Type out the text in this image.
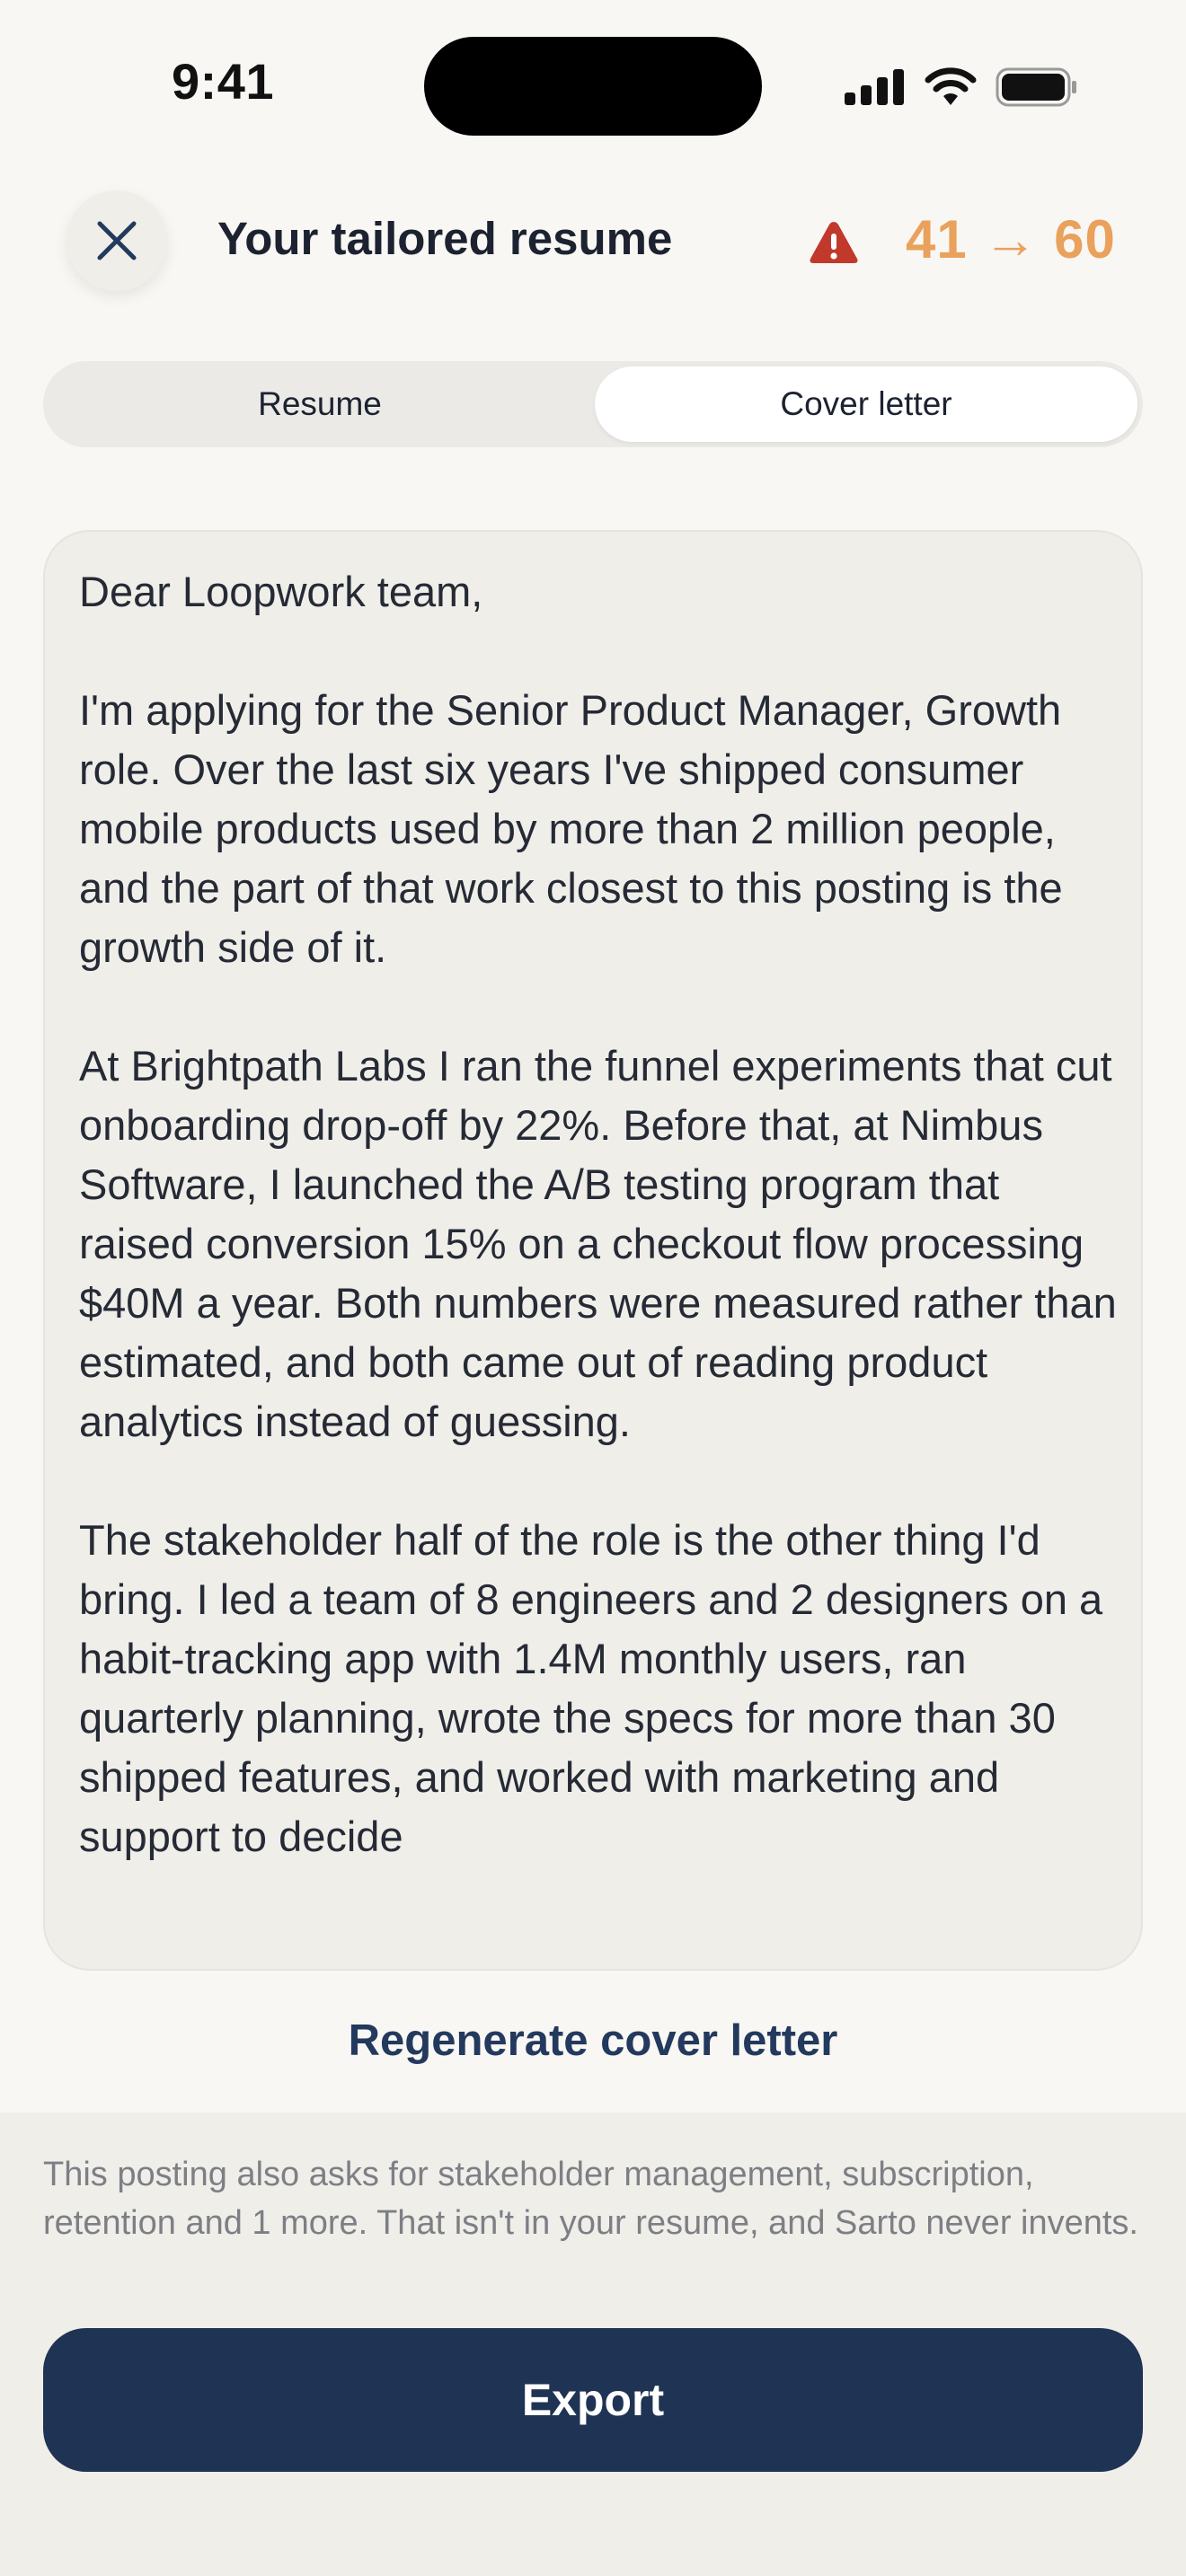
9:41
Your tailored resume	41 → 60
Resume	Cover letter

Dear Loopwork team,

I'm applying for the Senior Product Manager, Growth role. Over the last six years I've shipped consumer mobile products used by more than 2 million people, and the part of that work closest to this posting is the growth side of it.

At Brightpath Labs I ran the funnel experiments that cut onboarding drop-off by 22%. Before that, at Nimbus Software, I launched the A/B testing program that raised conversion 15% on a checkout flow processing $40M a year. Both numbers were measured rather than estimated, and both came out of reading product analytics instead of guessing.

The stakeholder half of the role is the other thing I'd bring. I led a team of 8 engineers and 2 designers on a habit-tracking app with 1.4M monthly users, ran quarterly planning, wrote the specs for more than 30 shipped features, and worked with marketing and support to decide

Regenerate cover letter
This posting also asks for stakeholder management, subscription, retention and 1 more. That isn't in your resume, and Sarto never invents.
Export
